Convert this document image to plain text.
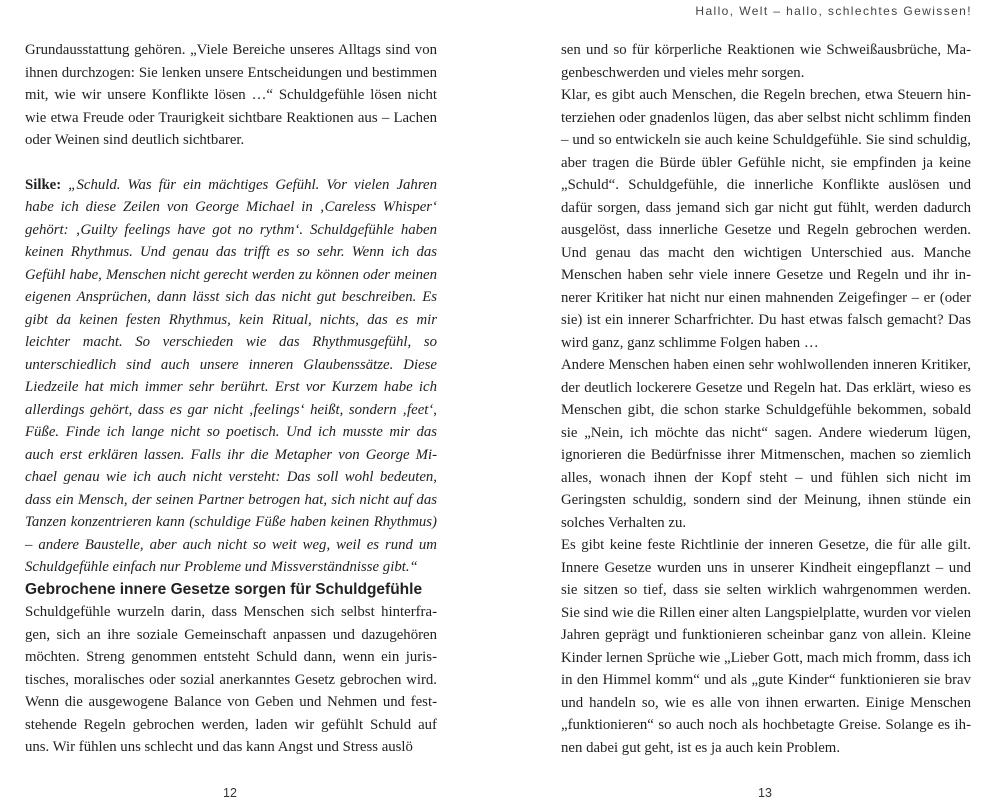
Hallo, Welt – hallo, schlechtes Gewissen!

Grundausstattung gehören. „Viele Bereiche unseres Alltags sind von ihnen durchzogen: Sie lenken unsere Entscheidungen und bestimmen mit, wie wir unsere Konflikte lösen …“ Schuldgefühle lösen nicht wie etwa Freude oder Traurigkeit sichtbare Reaktionen aus – Lachen oder Weinen sind deutlich sichtbarer.

Silke: „Schuld. Was für ein mächtiges Gefühl. Vor vielen Jahren habe ich diese Zeilen von George Michael in ‚Careless Whisper‘ gehört: ‚Guilty feelings have got no rythm‘. Schuldgefühle haben keinen Rhythmus. Und genau das trifft es so sehr. Wenn ich das Gefühl habe, Menschen nicht gerecht werden zu können oder meinen eigenen Ansprüchen, dann lässt sich das nicht gut beschreiben. Es gibt da keinen festen Rhythmus, kein Ritual, nichts, das es mir leichter macht. So verschieden wie das Rhythmusgefühl, so unterschiedlich sind auch unsere inneren Glaubenssätze. Diese Liedzeile hat mich immer sehr berührt. Erst vor Kurzem habe ich allerdings gehört, dass es gar nicht ‚feelings‘ heißt, sondern ‚feet‘, Füße. Finde ich lange nicht so poetisch. Und ich musste mir das auch erst erklären lassen. Falls ihr die Metapher von George Michael genau wie ich auch nicht versteht: Das soll wohl bedeuten, dass ein Mensch, der seinen Partner betrogen hat, sich nicht auf das Tanzen konzentrieren kann (schuldige Füße haben keinen Rhythmus) – andere Baustelle, aber auch nicht so weit weg, weil es rund um Schuldgefühle einfach nur Probleme und Missverständnisse gibt.“

Gebrochene innere Gesetze sorgen für Schuldgefühle

Schuldgefühle wurzeln darin, dass Menschen sich selbst hinterfragen, sich an ihre soziale Gemeinschaft anpassen und dazugehören möchten. Streng genommen entsteht Schuld dann, wenn ein juristisches, moralisches oder sozial anerkanntes Gesetz gebrochen wird. Wenn die ausgewogene Balance von Geben und Nehmen und feststehende Regeln gebrochen werden, laden wir gefühlt Schuld auf uns. Wir fühlen uns schlecht und das kann Angst und Stress auslö

sen und so für körperliche Reaktionen wie Schweißausbrüche, Magenbeschwerden und vieles mehr sorgen.

Klar, es gibt auch Menschen, die Regeln brechen, etwa Steuern hinterziehen oder gnadenlos lügen, das aber selbst nicht schlimm finden – und so entwickeln sie auch keine Schuldgefühle. Sie sind schuldig, aber tragen die Bürde übler Gefühle nicht, sie empfinden ja keine „Schuld“. Schuldgefühle, die innerliche Konflikte auslösen und dafür sorgen, dass jemand sich gar nicht gut fühlt, werden dadurch ausgelöst, dass innerliche Gesetze und Regeln gebrochen werden. Und genau das macht den wichtigen Unterschied aus. Manche Menschen haben sehr viele innere Gesetze und Regeln und ihr innerer Kritiker hat nicht nur einen mahnenden Zeigefinger – er (oder sie) ist ein innerer Scharfrichter. Du hast etwas falsch gemacht? Das wird ganz, ganz schlimme Folgen haben …

Andere Menschen haben einen sehr wohlwollenden inneren Kritiker, der deutlich lockerere Gesetze und Regeln hat. Das erklärt, wieso es Menschen gibt, die schon starke Schuldgefühle bekommen, sobald sie „Nein, ich möchte das nicht“ sagen. Andere wiederum lügen, ignorieren die Bedürfnisse ihrer Mitmenschen, machen so ziemlich alles, wonach ihnen der Kopf steht – und fühlen sich nicht im Geringsten schuldig, sondern sind der Meinung, ihnen stünde ein solches Verhalten zu.

Es gibt keine feste Richtlinie der inneren Gesetze, die für alle gilt. Innere Gesetze wurden uns in unserer Kindheit eingepflanzt – und sie sitzen so tief, dass sie selten wirklich wahrgenommen werden. Sie sind wie die Rillen einer alten Langspielplatte, wurden vor vielen Jahren geprägt und funktionieren scheinbar ganz von allein. Kleine Kinder lernen Sprüche wie „Lieber Gott, mach mich fromm, dass ich in den Himmel komm“ und als „gute Kinder“ funktionieren sie brav und handeln so, wie es alle von ihnen erwarten. Einige Menschen „funktionieren“ so auch noch als hochbetagte Greise. Solange es ihnen dabei gut geht, ist es ja auch kein Problem.

12	13
